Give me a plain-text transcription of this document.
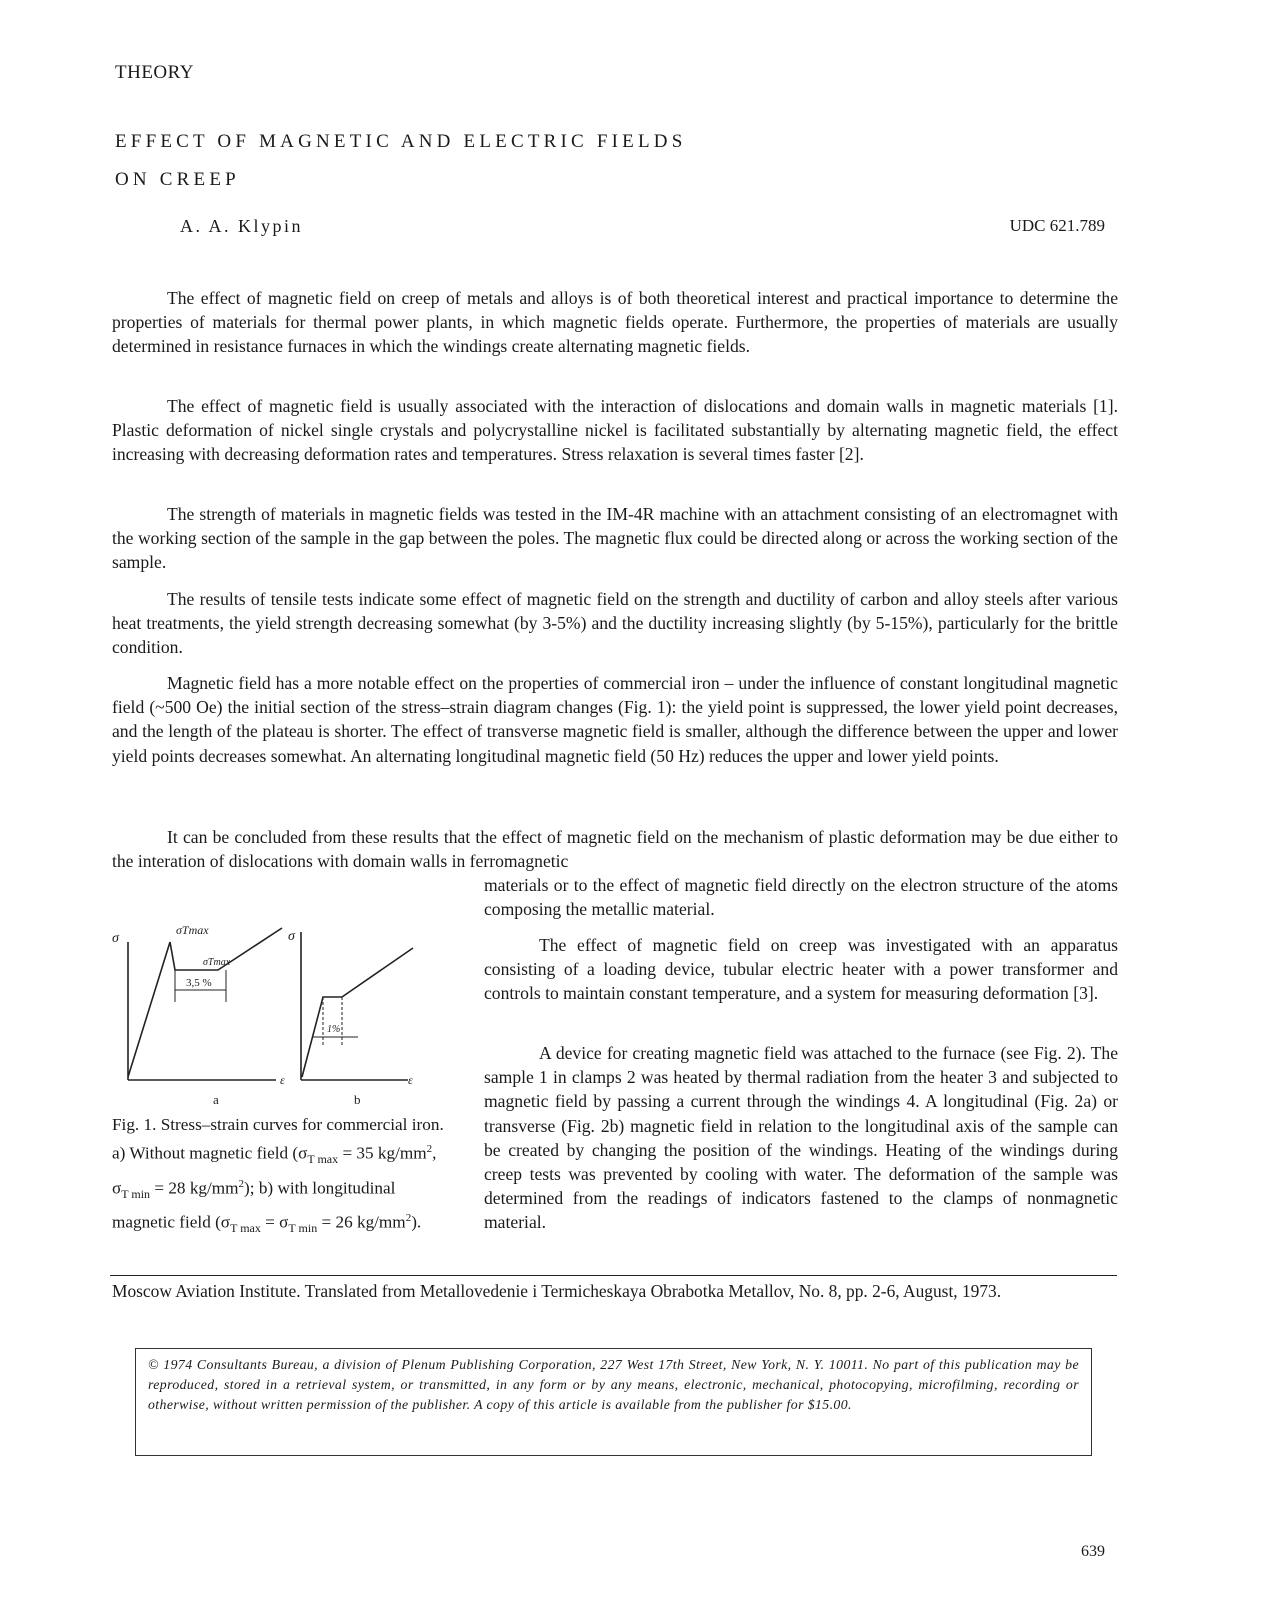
THEORY
EFFECT OF MAGNETIC AND ELECTRIC FIELDS
ON CREEP
A. A. Klypin	UDC 621.789

The effect of magnetic field on creep of metals and alloys is of both theoretical interest and practical importance to determine the properties of materials for thermal power plants, in which magnetic fields operate. Furthermore, the properties of materials are usually determined in resistance furnaces in which the windings create alternating magnetic fields.

The effect of magnetic field is usually associated with the interaction of dislocations and domain walls in magnetic materials [1]. Plastic deformation of nickel single crystals and polycrystalline nickel is facilitated substantially by alternating magnetic field, the effect increasing with decreasing deformation rates and temperatures. Stress relaxation is several times faster [2].

The strength of materials in magnetic fields was tested in the IM-4R machine with an attachment consisting of an electromagnet with the working section of the sample in the gap between the poles. The magnetic flux could be directed along or across the working section of the sample.

The results of tensile tests indicate some effect of magnetic field on the strength and ductility of carbon and alloy steels after various heat treatments, the yield strength decreasing somewhat (by 3-5%) and the ductility increasing slightly (by 5-15%), particularly for the brittle condition.

Magnetic field has a more notable effect on the properties of commercial iron – under the influence of constant longitudinal magnetic field (~500 Oe) the initial section of the stress–strain diagram changes (Fig. 1): the yield point is suppressed, the lower yield point decreases, and the length of the plateau is shorter. The effect of transverse magnetic field is smaller, although the difference between the upper and lower yield points decreases somewhat. An alternating longitudinal magnetic field (50 Hz) reduces the upper and lower yield points.

It can be concluded from these results that the effect of magnetic field on the mechanism of plastic deformation may be due either to the interation of dislocations with domain walls in ferromagnetic

materials or to the effect of magnetic field directly on the electron structure of the atoms composing the metallic material.

The effect of magnetic field on creep was investigated with an apparatus consisting of a loading device, tubular electric heater with a power transformer and controls to maintain constant temperature, and a system for measuring deformation [3].

A device for creating magnetic field was attached to the furnace (see Fig. 2). The sample 1 in clamps 2 was heated by thermal radiation from the heater 3 and subjected to magnetic field by passing a current through the windings 4. A longitudinal (Fig. 2a) or transverse (Fig. 2b) magnetic field in relation to the longitudinal axis of the sample can be created by changing the position of the windings. Heating of the windings during creep tests was prevented by cooling with water. The deformation of the sample was determined from the readings of indicators fastened to the clamps of nonmagnetic material.

σ
σTmax
σTmax
3,5 %
ε
σ
1%
ε
a	b

Fig. 1. Stress–strain curves for commercial iron. a) Without magnetic field ($\sigma_{T max} = 35$ $kg/mm^2$, $\sigma_{T min} = 28$ $kg/mm^2$); b) with longitudinal magnetic field ($\sigma_{T max} = \sigma_{T min} = 26$ $kg/mm^2$).

Moscow Aviation Institute. Translated from Metallovedenie i Termicheskaya Obrabotka Metallov, No. 8, pp. 2-6, August, 1973.

© 1974 Consultants Bureau, a division of Plenum Publishing Corporation, 227 West 17th Street, New York, N. Y. 10011. No part of this publication may be reproduced, stored in a retrieval system, or transmitted, in any form or by any means, electronic, mechanical, photocopying, microfilming, recording or otherwise, without written permission of the publisher. A copy of this article is available from the publisher for $15.00.
639
